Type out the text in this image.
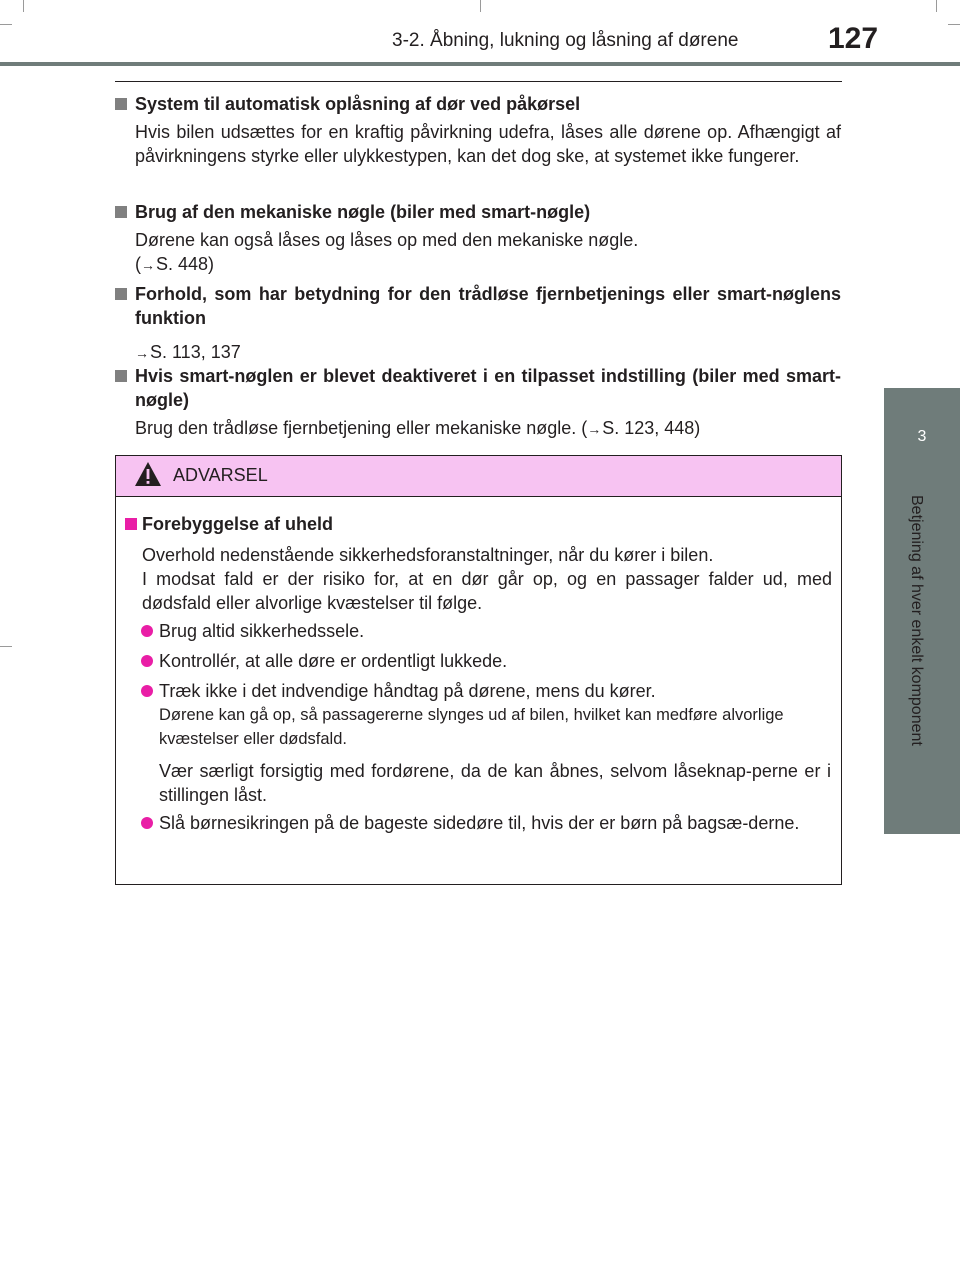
3-2. Åbning, lukning og låsning af dørene	127
3
Betjening af hver enkelt komponent
System til automatisk oplåsning af dør ved påkørsel
Hvis bilen udsættes for en kraftig påvirkning udefra, låses alle dørene op. Afhængigt af påvirkningens styrke eller ulykkestypen, kan det dog ske, at systemet ikke fungerer.
Brug af den mekaniske nøgle (biler med smart-nøgle)
Dørene kan også låses og låses op med den mekaniske nøgle.
(→S. 448)
Forhold, som har betydning for den trådløse fjernbetjenings eller smart-nøglens funktion
→S. 113, 137
Hvis smart-nøglen er blevet deaktiveret i en tilpasset indstilling (biler med smart-nøgle)
Brug den trådløse fjernbetjening eller mekaniske nøgle. (→S. 123, 448)
ADVARSEL
Forebyggelse af uheld
Overhold nedenstående sikkerhedsforanstaltninger, når du kører i bilen.
I modsat fald er der risiko for, at en dør går op, og en passager falder ud, med dødsfald eller alvorlige kvæstelser til følge.
Brug altid sikkerhedssele.
Kontrollér, at alle døre er ordentligt lukkede.
Træk ikke i det indvendige håndtag på dørene, mens du kører.
Dørene kan gå op, så passagererne slynges ud af bilen, hvilket kan medføre alvorlige kvæstelser eller dødsfald.
Vær særligt forsigtig med fordørene, da de kan åbnes, selvom låseknap-perne er i stillingen låst.
Slå børnesikringen på de bageste sidedøre til, hvis der er børn på bagsæ-derne.
